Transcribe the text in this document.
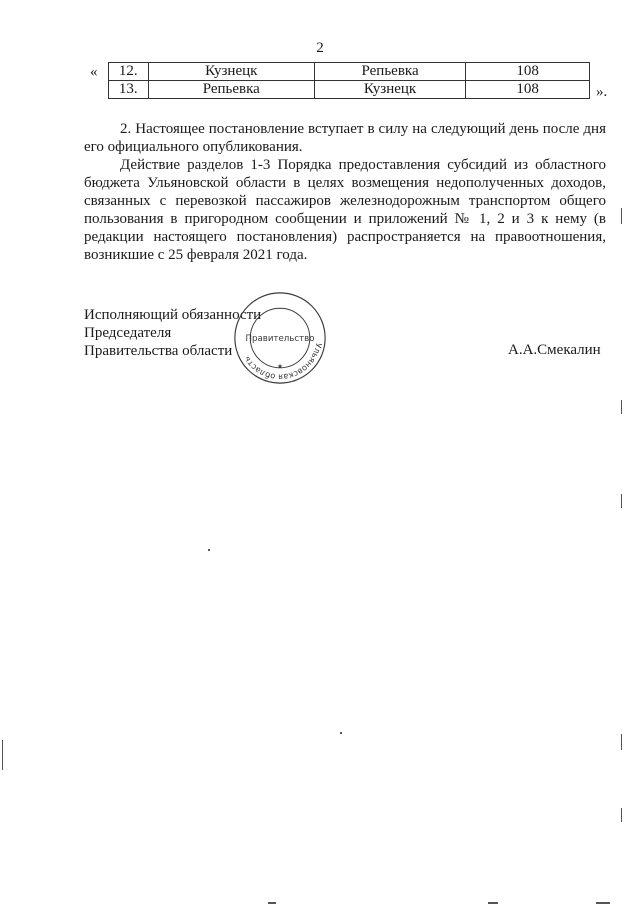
2
« 12.	Кузнецк	Репьевка	108
13.	Репьевка	Кузнецк	108	».

2. Настоящее постановление вступает в силу на следующий день после дня его официального опубликования.

Действие разделов 1-3 Порядка предоставления субсидий из областного бюджета Ульяновской области в целях возмещения недополученных доходов, связанных с перевозкой пассажиров железнодорожным транспортом общего пользования в пригородном сообщении и приложений № 1, 2 и 3 к нему (в редакции настоящего постановления) распространяется на правоотношения, возникшие с 25 февраля 2021 года.

Исполняющий обязанности
Председателя
Правительства области	Ульяновская область
Правительство
★
А.А.Смекалин
